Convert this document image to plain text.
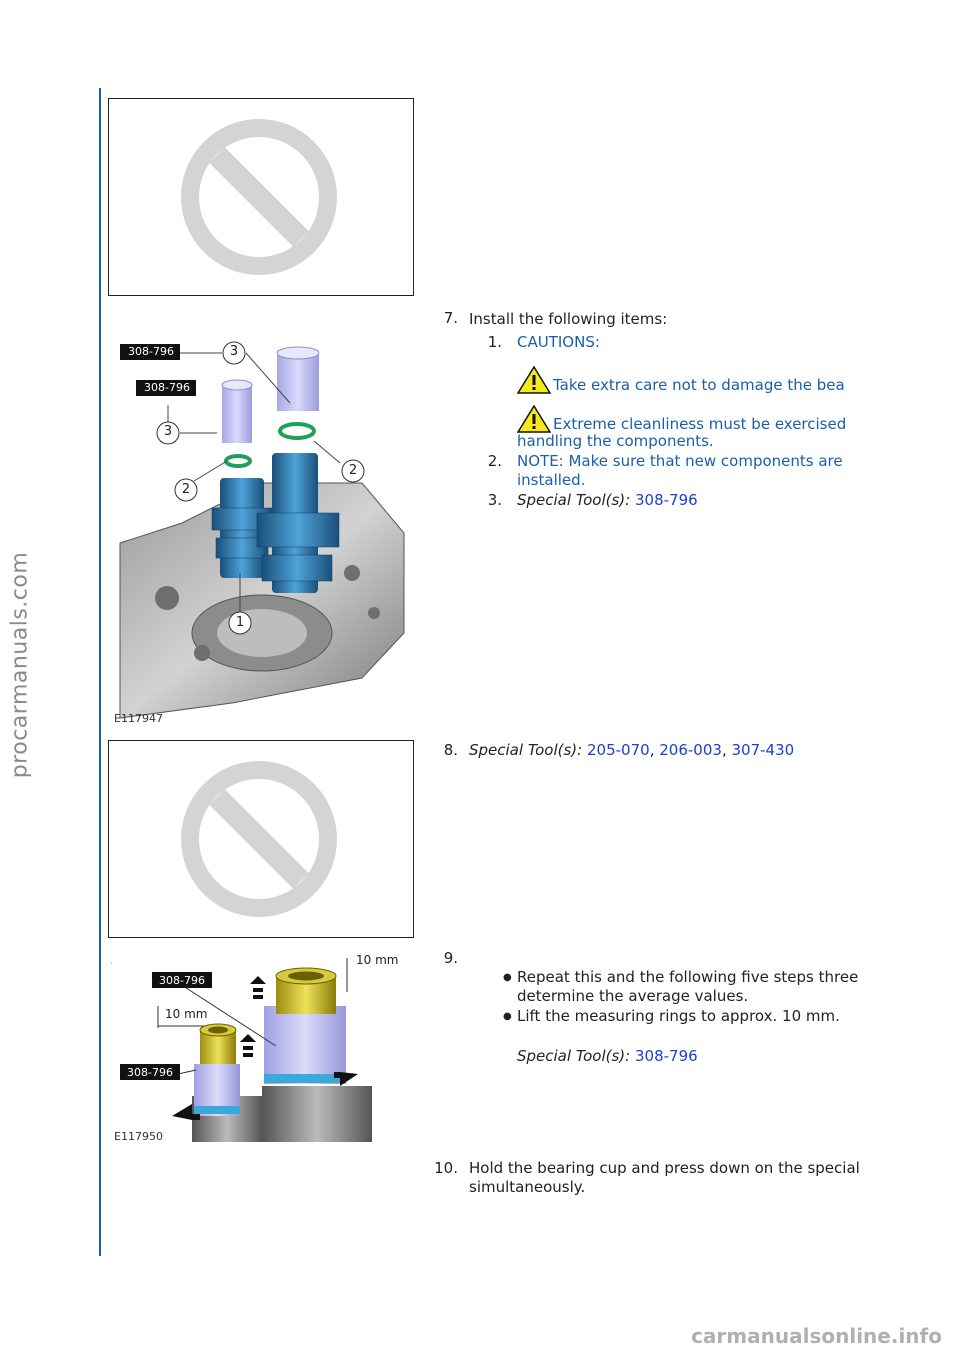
procarmanuals.com
308-796
308-796
3
3
2
2
1
E117947
308-796
308-796
10 mm
10 mm
E117950
7. Install the following items:
1. CAUTIONS:
Take extra care not to damage the bea
Extreme cleanliness must be exercised
handling the components.
2. NOTE: Make sure that new components are
installed.
3. Special Tool(s): 308-796
8. Special Tool(s): 205-070, 206-003, 307-430
9.
● Repeat this and the following five steps three
determine the average values.
● Lift the measuring rings to approx. 10 mm.
Special Tool(s): 308-796
10. Hold the bearing cup and press down on the special
simultaneously.
carmanualsonline.info
